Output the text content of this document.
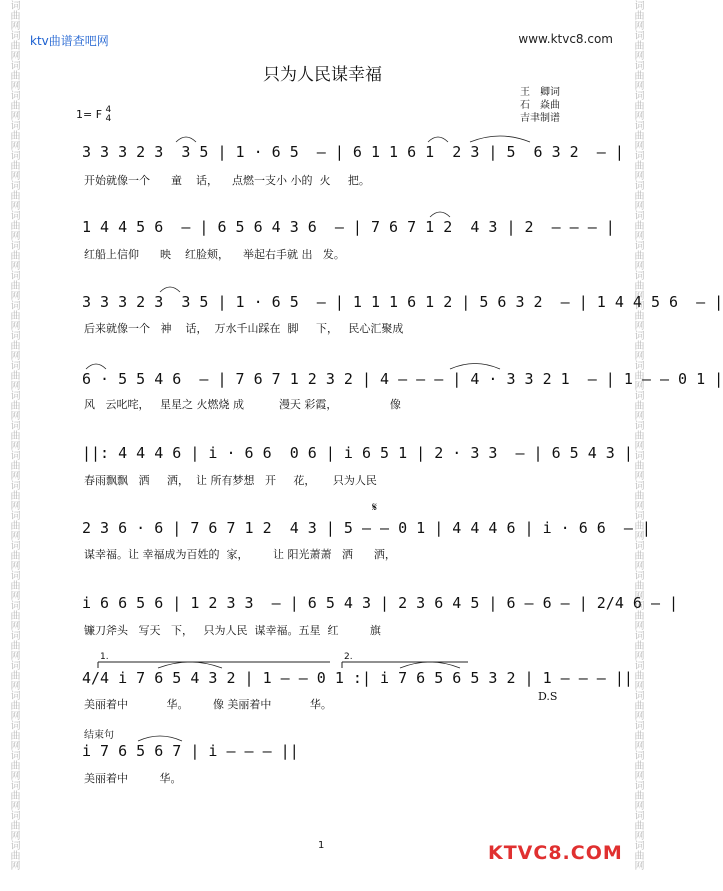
词曲网词曲网词曲网词曲网词曲网词曲网词曲网词曲网词曲网词曲网词曲网词曲网词曲网词曲网词曲网词曲网词曲网词曲网词曲网词曲网词曲网词曲网词曲网词曲网词曲网词曲网词曲网词曲网词曲网	词曲网词曲网词曲网词曲网词曲网词曲网词曲网词曲网词曲网词曲网词曲网词曲网词曲网词曲网词曲网词曲网词曲网词曲网词曲网词曲网词曲网词曲网词曲网词曲网词曲网词曲网词曲网词曲网词曲网
ktv曲谱查吧网	www.ktvc8.com
只为人民谋幸福
王　卿词
石　焱曲
吉聿制谱
1= F 4
4
3 3 3 2 3  3 5 | 1 · 6 5  — | 6 1 1 6 1  2 3 | 5  6 3 2  — |
开始就像一个      童    话，    点燃一支小 小的  火     把。
1 4 4 5 6  — | 6 5 6 4 3 6  — | 7 6 7 1 2  4 3 | 2  — — — |
红船上信仰      映    红脸颊，    举起右手就 出   发。
3 3 3 2 3  3 5 | 1 · 6 5  — | 1 1 1 6 1 2 | 5 6 3 2  — | 1 4 4 5 6  — |
后来就像一个   神    话，  万水千山踩在  脚     下，   民心汇聚成
6 · 5 5 4 6  — | 7 6 7 1 2 3 2 | 4 — — — | 4 · 3 3 2 1  — | 1 — — 0 1 |
风   云叱咤，   星星之 火燃烧 成          漫天 彩霞，               像
||: 4 4 4 6 | i · 6 6  0 6 | i 6 5 1 | 2 · 3 3  — | 6 5 4 3 |
春雨飘飘   洒     洒，  让 所有梦想   开     花，     只为人民
2 3 6 · 6 | 7 6 7 1 2  4 3 | 5 — — 0 1 | 4 4 4 6 | i · 6 6  — |
谋幸福。让 幸福成为百姓的  家，       让 阳光萧萧   洒      洒，
i 6 6 5 6 | 1 2 3 3  — | 6 5 4 3 | 2 3 6 4 5 | 6 — 6 — | 2/4 6 — |
镰刀斧头   写天   下，   只为人民  谋幸福。五星  红         旗
4/4 i 7 6 5 4 3 2 | 1 — — 0 1 :| i 7 6 5 6 5 3 2 | 1 — — — ||
美丽着中           华。       像 美丽着中           华。
结束句
i 7 6 5 6 7 | i — — — ||
美丽着中         华。
D.S
𝄋
1.	2.
1	KTVC8.COM
